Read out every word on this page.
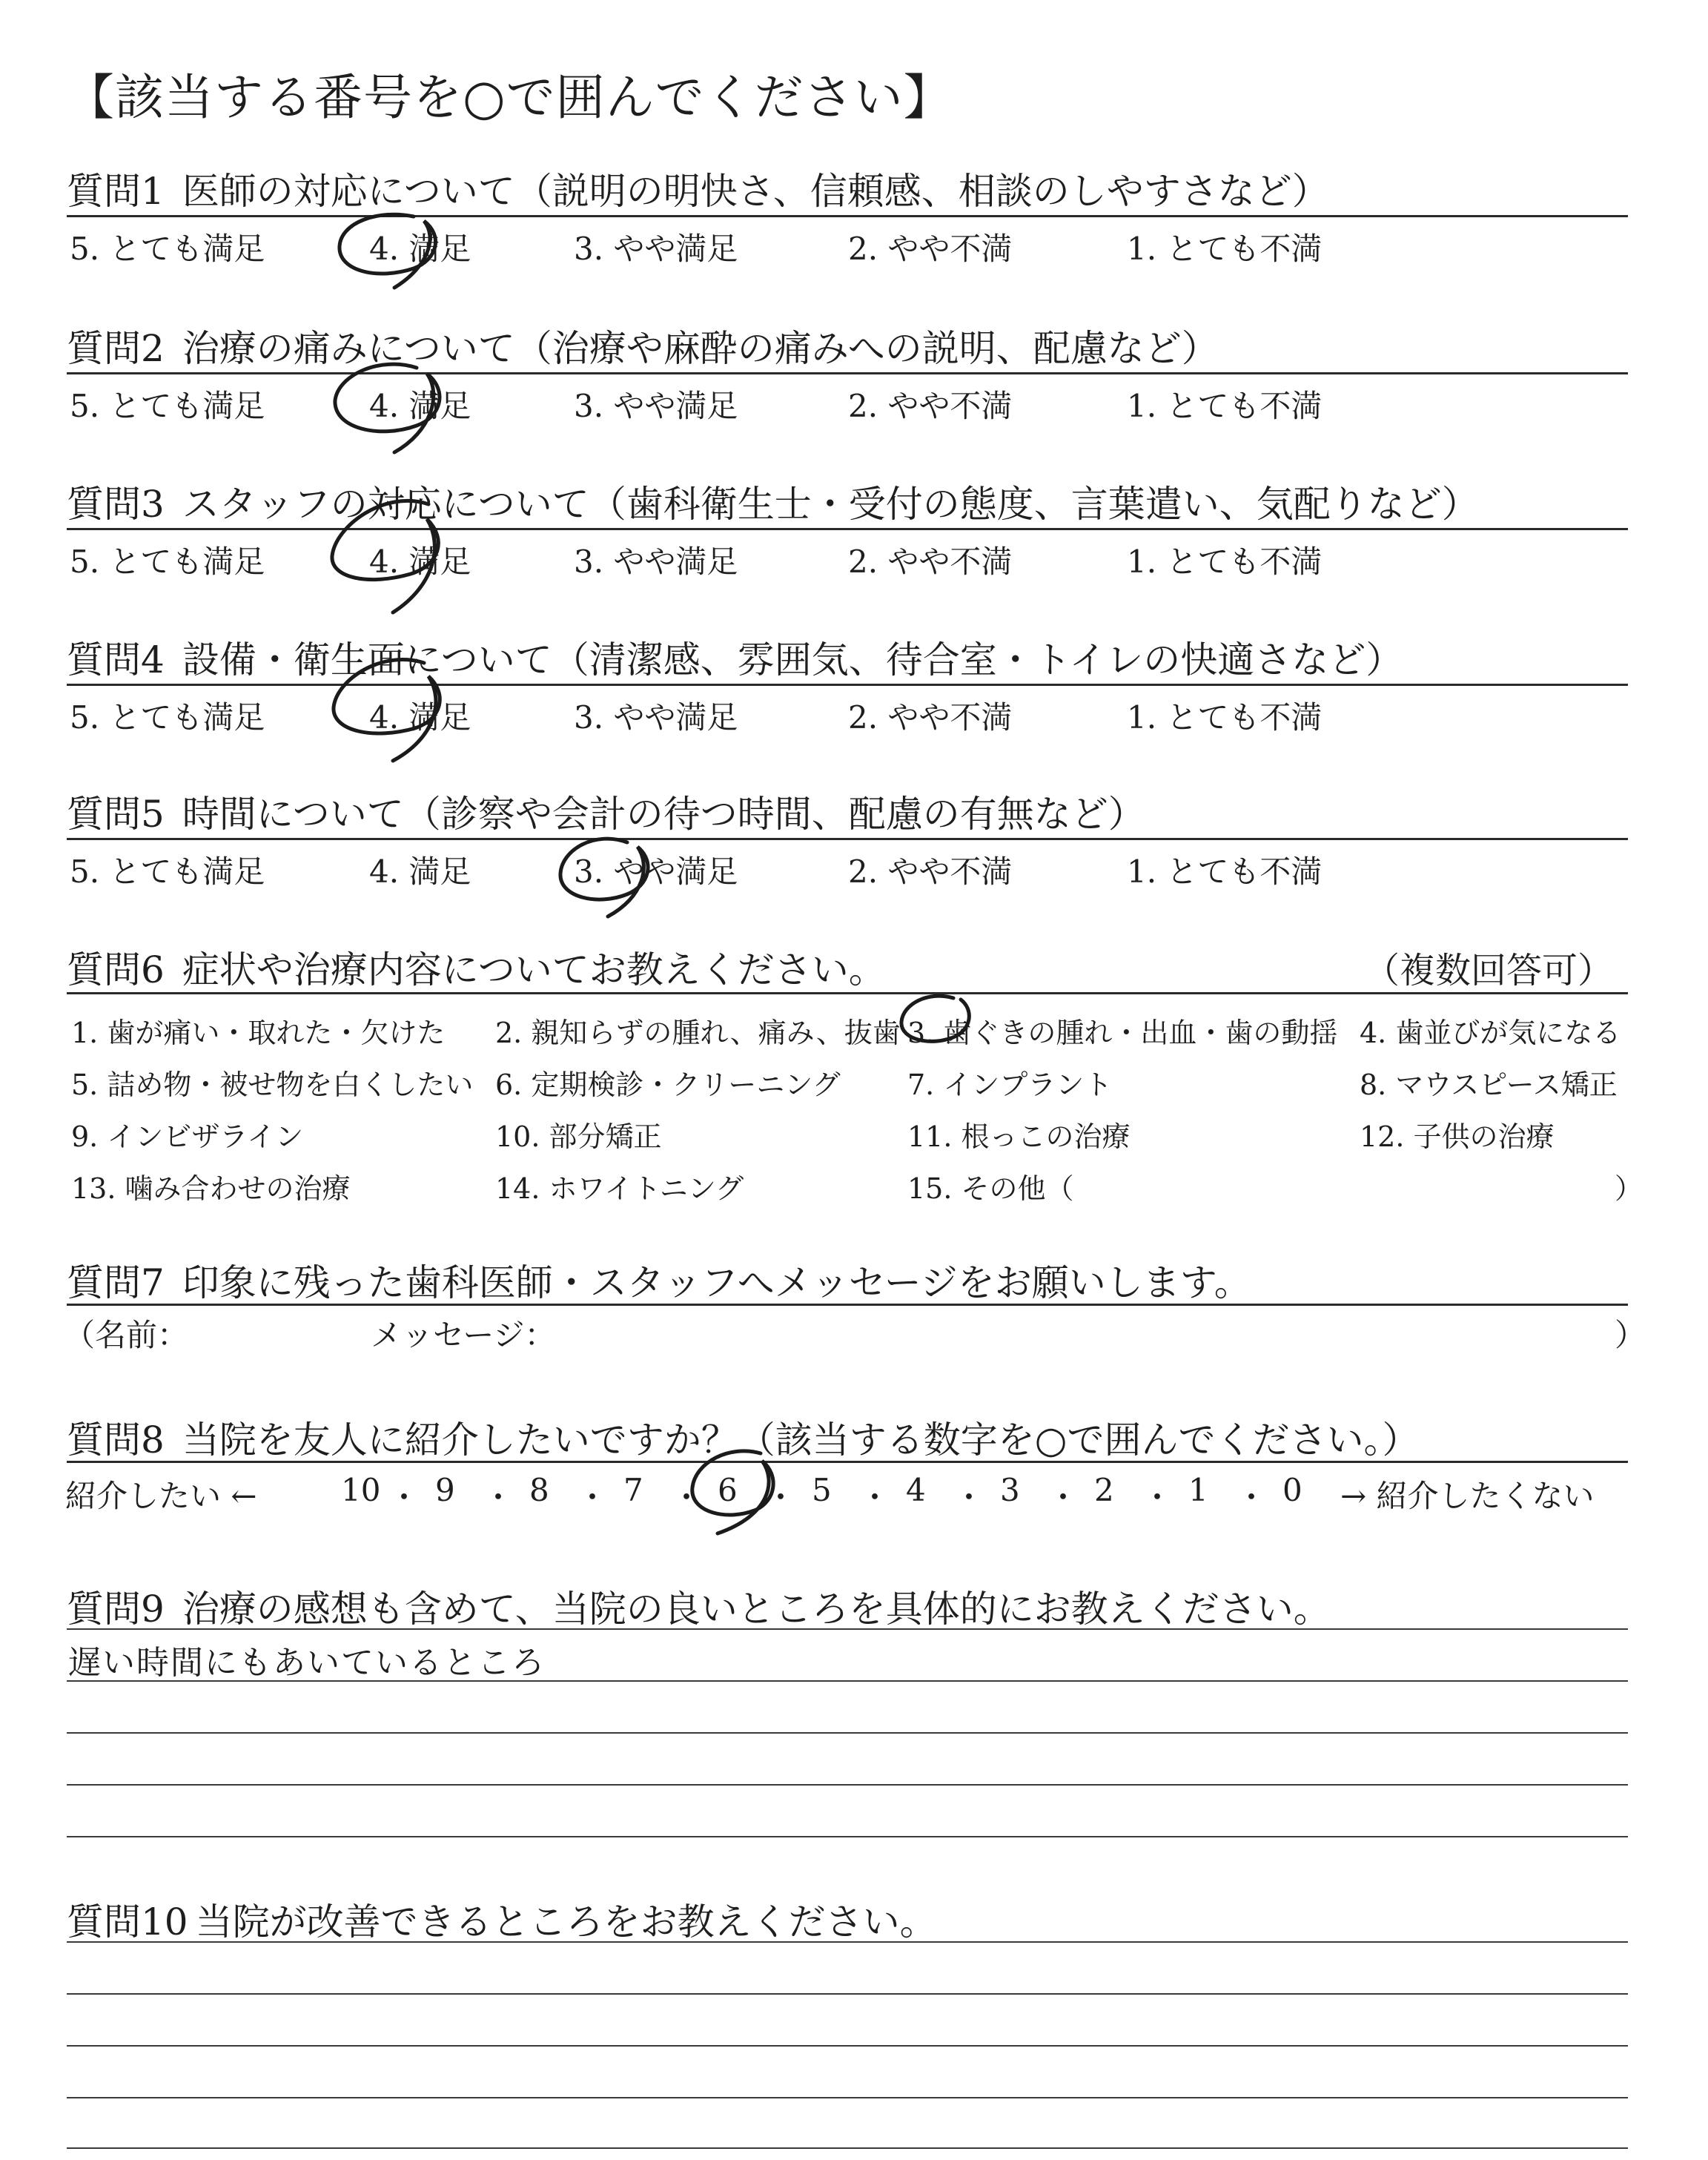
【該当する番号を○で囲んでください】
質問1 医師の対応について（説明の明快さ、信頼感、相談のしやすさなど）
5. とても満足	4. 満足	3. やや満足	2. やや不満	1. とても不満
質問2 治療の痛みについて（治療や麻酔の痛みへの説明、配慮など）
5. とても満足	4. 満足	3. やや満足	2. やや不満	1. とても不満
質問3 スタッフの対応について（歯科衛生士・受付の態度、言葉遣い、気配りなど）
5. とても満足	4. 満足	3. やや満足	2. やや不満	1. とても不満
質問4 設備・衛生面について（清潔感、雰囲気、待合室・トイレの快適さなど）
5. とても満足	4. 満足	3. やや満足	2. やや不満	1. とても不満
質問5 時間について（診察や会計の待つ時間、配慮の有無など）
5. とても満足	4. 満足	3. やや満足	2. やや不満	1. とても不満
質問6 症状や治療内容についてお教えください。	（複数回答可）
1. 歯が痛い・取れた・欠けた 2. 親知らずの腫れ、痛み、抜歯 3. 歯ぐきの腫れ・出血・歯の動揺 4. 歯並びが気になる
5. 詰め物・被せ物を白くしたい 6. 定期検診・クリーニング 7. インプラント	8. マウスピース矯正
9. インビザライン	10. 部分矯正	11. 根っこの治療	12. 子供の治療
13. 噛み合わせの治療	14. ホワイトニング	15. その他（	）
質問7 印象に残った歯科医師・スタッフへメッセージをお願いします。
（名前：	メッセージ：	）
質問8 当院を友人に紹介したいですか？（該当する数字を○で囲んでください。）
紹介したい ←	→ 紹介したくない
10 ・ 9 ・ 8 ・ 7 ・ 6 ・ 5 ・ 4 ・ 3 ・ 2 ・ 1 ・ 0
質問9 治療の感想も含めて、当院の良いところを具体的にお教えください。
遅い時間にもあいているところ
質問10 当院が改善できるところをお教えください。
